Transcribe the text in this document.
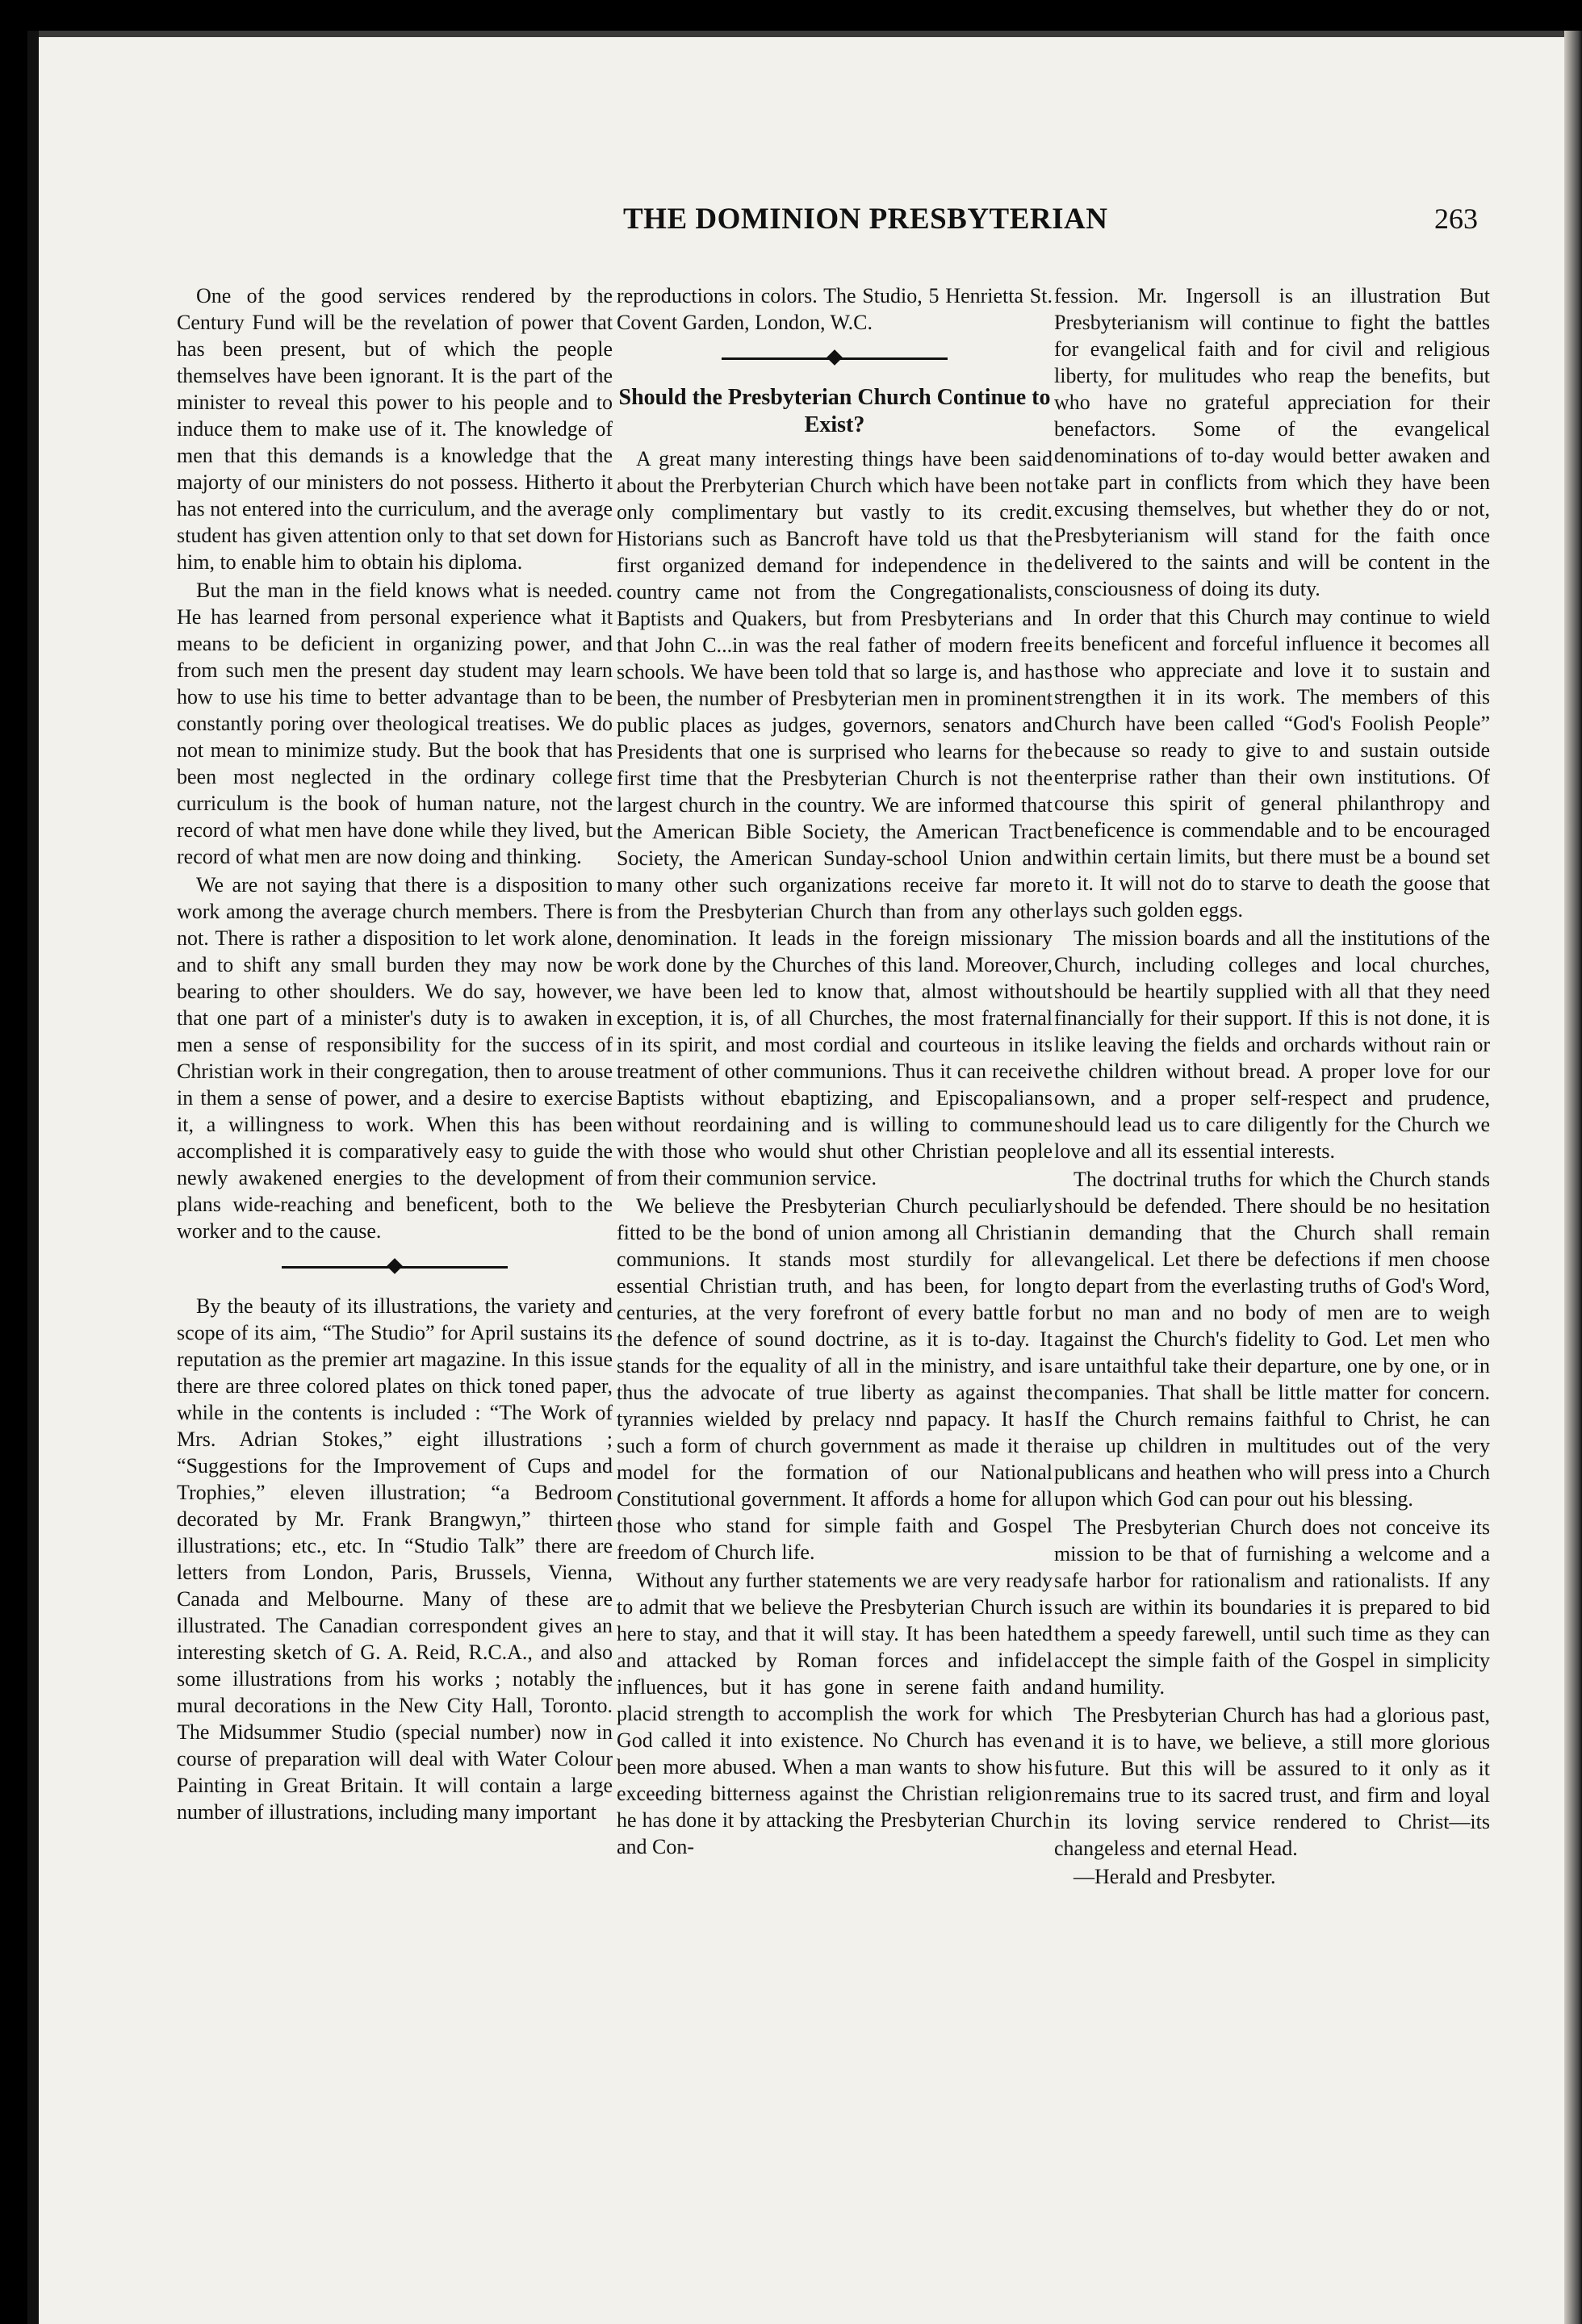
THE DOMINION PRESBYTERIAN	263

One of the good services rendered by the Century Fund will be the revelation of power that has been present, but of which the people themselves have been ignorant. It is the part of the minister to reveal this power to his people and to induce them to make use of it. The knowledge of men that this demands is a knowledge that the majorty of our ministers do not possess. Hitherto it has not entered into the curriculum, and the average student has given attention only to that set down for him, to enable him to obtain his diploma.

But the man in the field knows what is needed. He has learned from personal experience what it means to be deficient in organizing power, and from such men the present day student may learn how to use his time to better advantage than to be constantly poring over theological treatises. We do not mean to minimize study. But the book that has been most neglected in the ordinary college curriculum is the book of human nature, not the record of what men have done while they lived, but record of what men are now doing and thinking.

We are not saying that there is a disposition to work among the average church members. There is not. There is rather a disposition to let work alone, and to shift any small burden they may now be bearing to other shoulders. We do say, however, that one part of a minister's duty is to awaken in men a sense of responsibility for the success of Christian work in their congregation, then to arouse in them a sense of power, and a desire to exercise it, a willingness to work. When this has been accomplished it is comparatively easy to guide the newly awakened energies to the development of plans wide-reaching and beneficent, both to the worker and to the cause.

By the beauty of its illustrations, the variety and scope of its aim, “The Studio” for April sustains its reputation as the premier art magazine. In this issue there are three colored plates on thick toned paper, while in the contents is included : “The Work of Mrs. Adrian Stokes,” eight illustrations ; “Suggestions for the Improvement of Cups and Trophies,” eleven illustration; “a Bedroom decorated by Mr. Frank Brangwyn,” thirteen illustrations; etc., etc. In “Studio Talk” there are letters from London, Paris, Brussels, Vienna, Canada and Melbourne. Many of these are illustrated. The Canadian correspondent gives an interesting sketch of G. A. Reid, R.C.A., and also some illustrations from his works ; notably the mural decorations in the New City Hall, Toronto. The Midsummer Studio (special number) now in course of preparation will deal with Water Colour Painting in Great Britain. It will contain a large number of illustrations, including many important

reproductions in colors. The Studio, 5 Henrietta St. Covent Garden, London, W.C.

Should the Presbyterian Church Continue to Exist?

A great many interesting things have been said about the Prerbyterian Church which have been not only complimentary but vastly to its credit. Historians such as Bancroft have told us that the first organized demand for independence in the country came not from the Congregationalists, Baptists and Quakers, but from Presbyterians and that John C...in was the real father of modern free schools. We have been told that so large is, and has been, the number of Presbyterian men in prominent public places as judges, governors, senators and Presidents that one is surprised who learns for the first time that the Presbyterian Church is not the largest church in the country. We are informed that the American Bible Society, the American Tract Society, the American Sunday-school Union and many other such organizations receive far more from the Presbyterian Church than from any other denomination. It leads in the foreign missionary work done by the Churches of this land. Moreover, we have been led to know that, almost without exception, it is, of all Churches, the most fraternal in its spirit, and most cordial and courteous in its treatment of other communions. Thus it can receive Baptists without ebaptizing, and Episcopalians without reordaining and is willing to commune with those who would shut other Christian people from their communion service.

We believe the Presbyterian Church peculiarly fitted to be the bond of union among all Christian communions. It stands most sturdily for all essential Christian truth, and has been, for long centuries, at the very forefront of every battle for the defence of sound doctrine, as it is to-day. It stands for the equality of all in the ministry, and is thus the advocate of true liberty as against the tyrannies wielded by prelacy nnd papacy. It has such a form of church government as made it the model for the formation of our National Constitutional government. It affords a home for all those who stand for simple faith and Gospel freedom of Church life.

Without any further statements we are very ready to admit that we believe the Presbyterian Church is here to stay, and that it will stay. It has been hated and attacked by Roman forces and infidel influences, but it has gone in serene faith and placid strength to accomplish the work for which God called it into existence. No Church has even been more abused. When a man wants to show his exceeding bitterness against the Christian religion he has done it by attacking the Presbyterian Church and Con-

fession. Mr. Ingersoll is an illustration But Presbyterianism will continue to fight the battles for evangelical faith and for civil and religious liberty, for mulitudes who reap the benefits, but who have no grateful appreciation for their benefactors. Some of the evangelical denominations of to-day would better awaken and take part in conflicts from which they have been excusing themselves, but whether they do or not, Presbyterianism will stand for the faith once delivered to the saints and will be content in the consciousness of doing its duty.

In order that this Church may continue to wield its beneficent and forceful influence it becomes all those who appreciate and love it to sustain and strengthen it in its work. The members of this Church have been called “God's Foolish People” because so ready to give to and sustain outside enterprise rather than their own institutions. Of course this spirit of general philanthropy and beneficence is commendable and to be encouraged within certain limits, but there must be a bound set to it. It will not do to starve to death the goose that lays such golden eggs.

The mission boards and all the institutions of the Church, including colleges and local churches, should be heartily supplied with all that they need financially for their support. If this is not done, it is like leaving the fields and orchards without rain or the children without bread. A proper love for our own, and a proper self-respect and prudence, should lead us to care diligently for the Church we love and all its essential interests.

The doctrinal truths for which the Church stands should be defended. There should be no hesitation in demanding that the Church shall remain evangelical. Let there be defections if men choose to depart from the everlasting truths of God's Word, but no man and no body of men are to weigh against the Church's fidelity to God. Let men who are untaithful take their departure, one by one, or in companies. That shall be little matter for concern. If the Church remains faithful to Christ, he can raise up children in multitudes out of the very publicans and heathen who will press into a Church upon which God can pour out his blessing.

The Presbyterian Church does not conceive its mission to be that of furnishing a welcome and a safe harbor for rationalism and rationalists. If any such are within its boundaries it is prepared to bid them a speedy farewell, until such time as they can accept the simple faith of the Gospel in simplicity and humility.

The Presbyterian Church has had a glorious past, and it is to have, we believe, a still more glorious future. But this will be assured to it only as it remains true to its sacred trust, and firm and loyal in its loving service rendered to Christ—its changeless and eternal Head.

—Herald and Presbyter.
